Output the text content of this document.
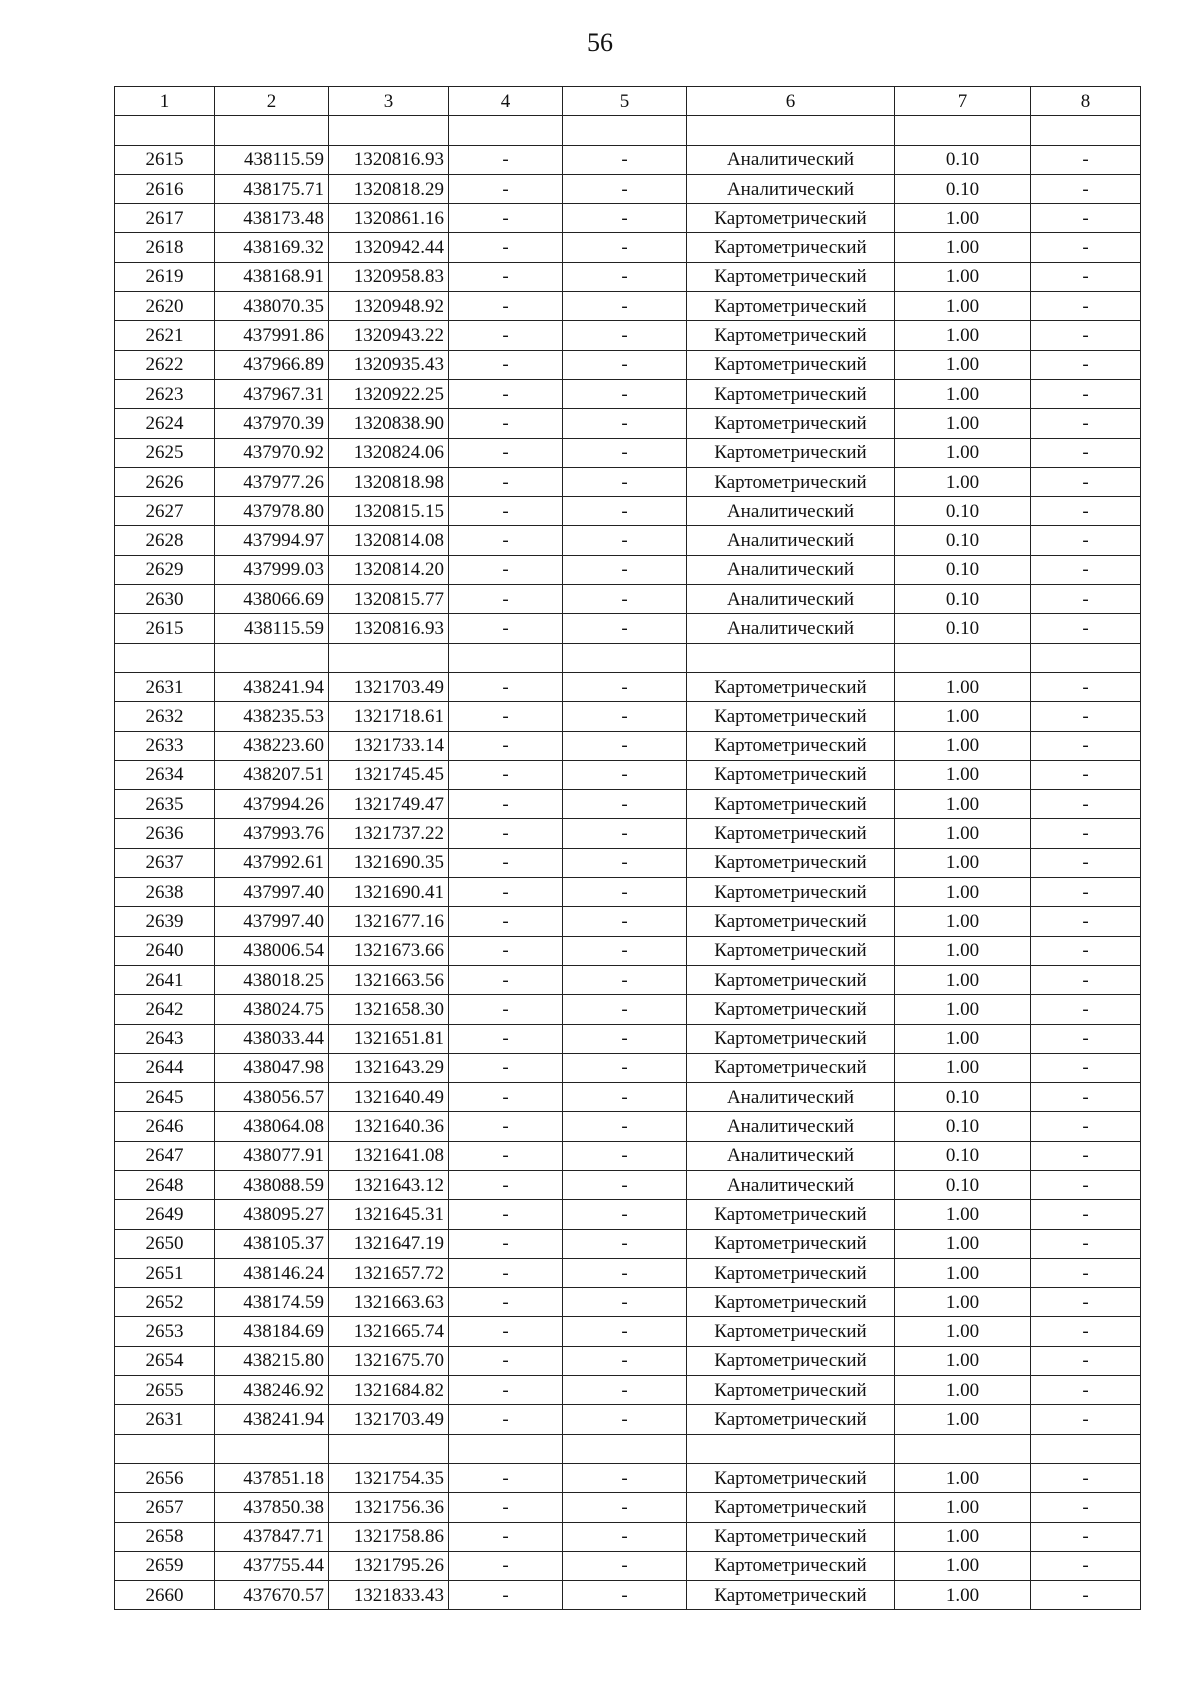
56
1	2	3	4	5	6	7	8

2615	438115.59	1320816.93	-	-	Аналитический	0.10	-
2616	438175.71	1320818.29	-	-	Аналитический	0.10	-
2617	438173.48	1320861.16	-	-	Картометрический	1.00	-
2618	438169.32	1320942.44	-	-	Картометрический	1.00	-
2619	438168.91	1320958.83	-	-	Картометрический	1.00	-
2620	438070.35	1320948.92	-	-	Картометрический	1.00	-
2621	437991.86	1320943.22	-	-	Картометрический	1.00	-
2622	437966.89	1320935.43	-	-	Картометрический	1.00	-
2623	437967.31	1320922.25	-	-	Картометрический	1.00	-
2624	437970.39	1320838.90	-	-	Картометрический	1.00	-
2625	437970.92	1320824.06	-	-	Картометрический	1.00	-
2626	437977.26	1320818.98	-	-	Картометрический	1.00	-
2627	437978.80	1320815.15	-	-	Аналитический	0.10	-
2628	437994.97	1320814.08	-	-	Аналитический	0.10	-
2629	437999.03	1320814.20	-	-	Аналитический	0.10	-
2630	438066.69	1320815.77	-	-	Аналитический	0.10	-
2615	438115.59	1320816.93	-	-	Аналитический	0.10	-

2631	438241.94	1321703.49	-	-	Картометрический	1.00	-
2632	438235.53	1321718.61	-	-	Картометрический	1.00	-
2633	438223.60	1321733.14	-	-	Картометрический	1.00	-
2634	438207.51	1321745.45	-	-	Картометрический	1.00	-
2635	437994.26	1321749.47	-	-	Картометрический	1.00	-
2636	437993.76	1321737.22	-	-	Картометрический	1.00	-
2637	437992.61	1321690.35	-	-	Картометрический	1.00	-
2638	437997.40	1321690.41	-	-	Картометрический	1.00	-
2639	437997.40	1321677.16	-	-	Картометрический	1.00	-
2640	438006.54	1321673.66	-	-	Картометрический	1.00	-
2641	438018.25	1321663.56	-	-	Картометрический	1.00	-
2642	438024.75	1321658.30	-	-	Картометрический	1.00	-
2643	438033.44	1321651.81	-	-	Картометрический	1.00	-
2644	438047.98	1321643.29	-	-	Картометрический	1.00	-
2645	438056.57	1321640.49	-	-	Аналитический	0.10	-
2646	438064.08	1321640.36	-	-	Аналитический	0.10	-
2647	438077.91	1321641.08	-	-	Аналитический	0.10	-
2648	438088.59	1321643.12	-	-	Аналитический	0.10	-
2649	438095.27	1321645.31	-	-	Картометрический	1.00	-
2650	438105.37	1321647.19	-	-	Картометрический	1.00	-
2651	438146.24	1321657.72	-	-	Картометрический	1.00	-
2652	438174.59	1321663.63	-	-	Картометрический	1.00	-
2653	438184.69	1321665.74	-	-	Картометрический	1.00	-
2654	438215.80	1321675.70	-	-	Картометрический	1.00	-
2655	438246.92	1321684.82	-	-	Картометрический	1.00	-
2631	438241.94	1321703.49	-	-	Картометрический	1.00	-

2656	437851.18	1321754.35	-	-	Картометрический	1.00	-
2657	437850.38	1321756.36	-	-	Картометрический	1.00	-
2658	437847.71	1321758.86	-	-	Картометрический	1.00	-
2659	437755.44	1321795.26	-	-	Картометрический	1.00	-
2660	437670.57	1321833.43	-	-	Картометрический	1.00	-
